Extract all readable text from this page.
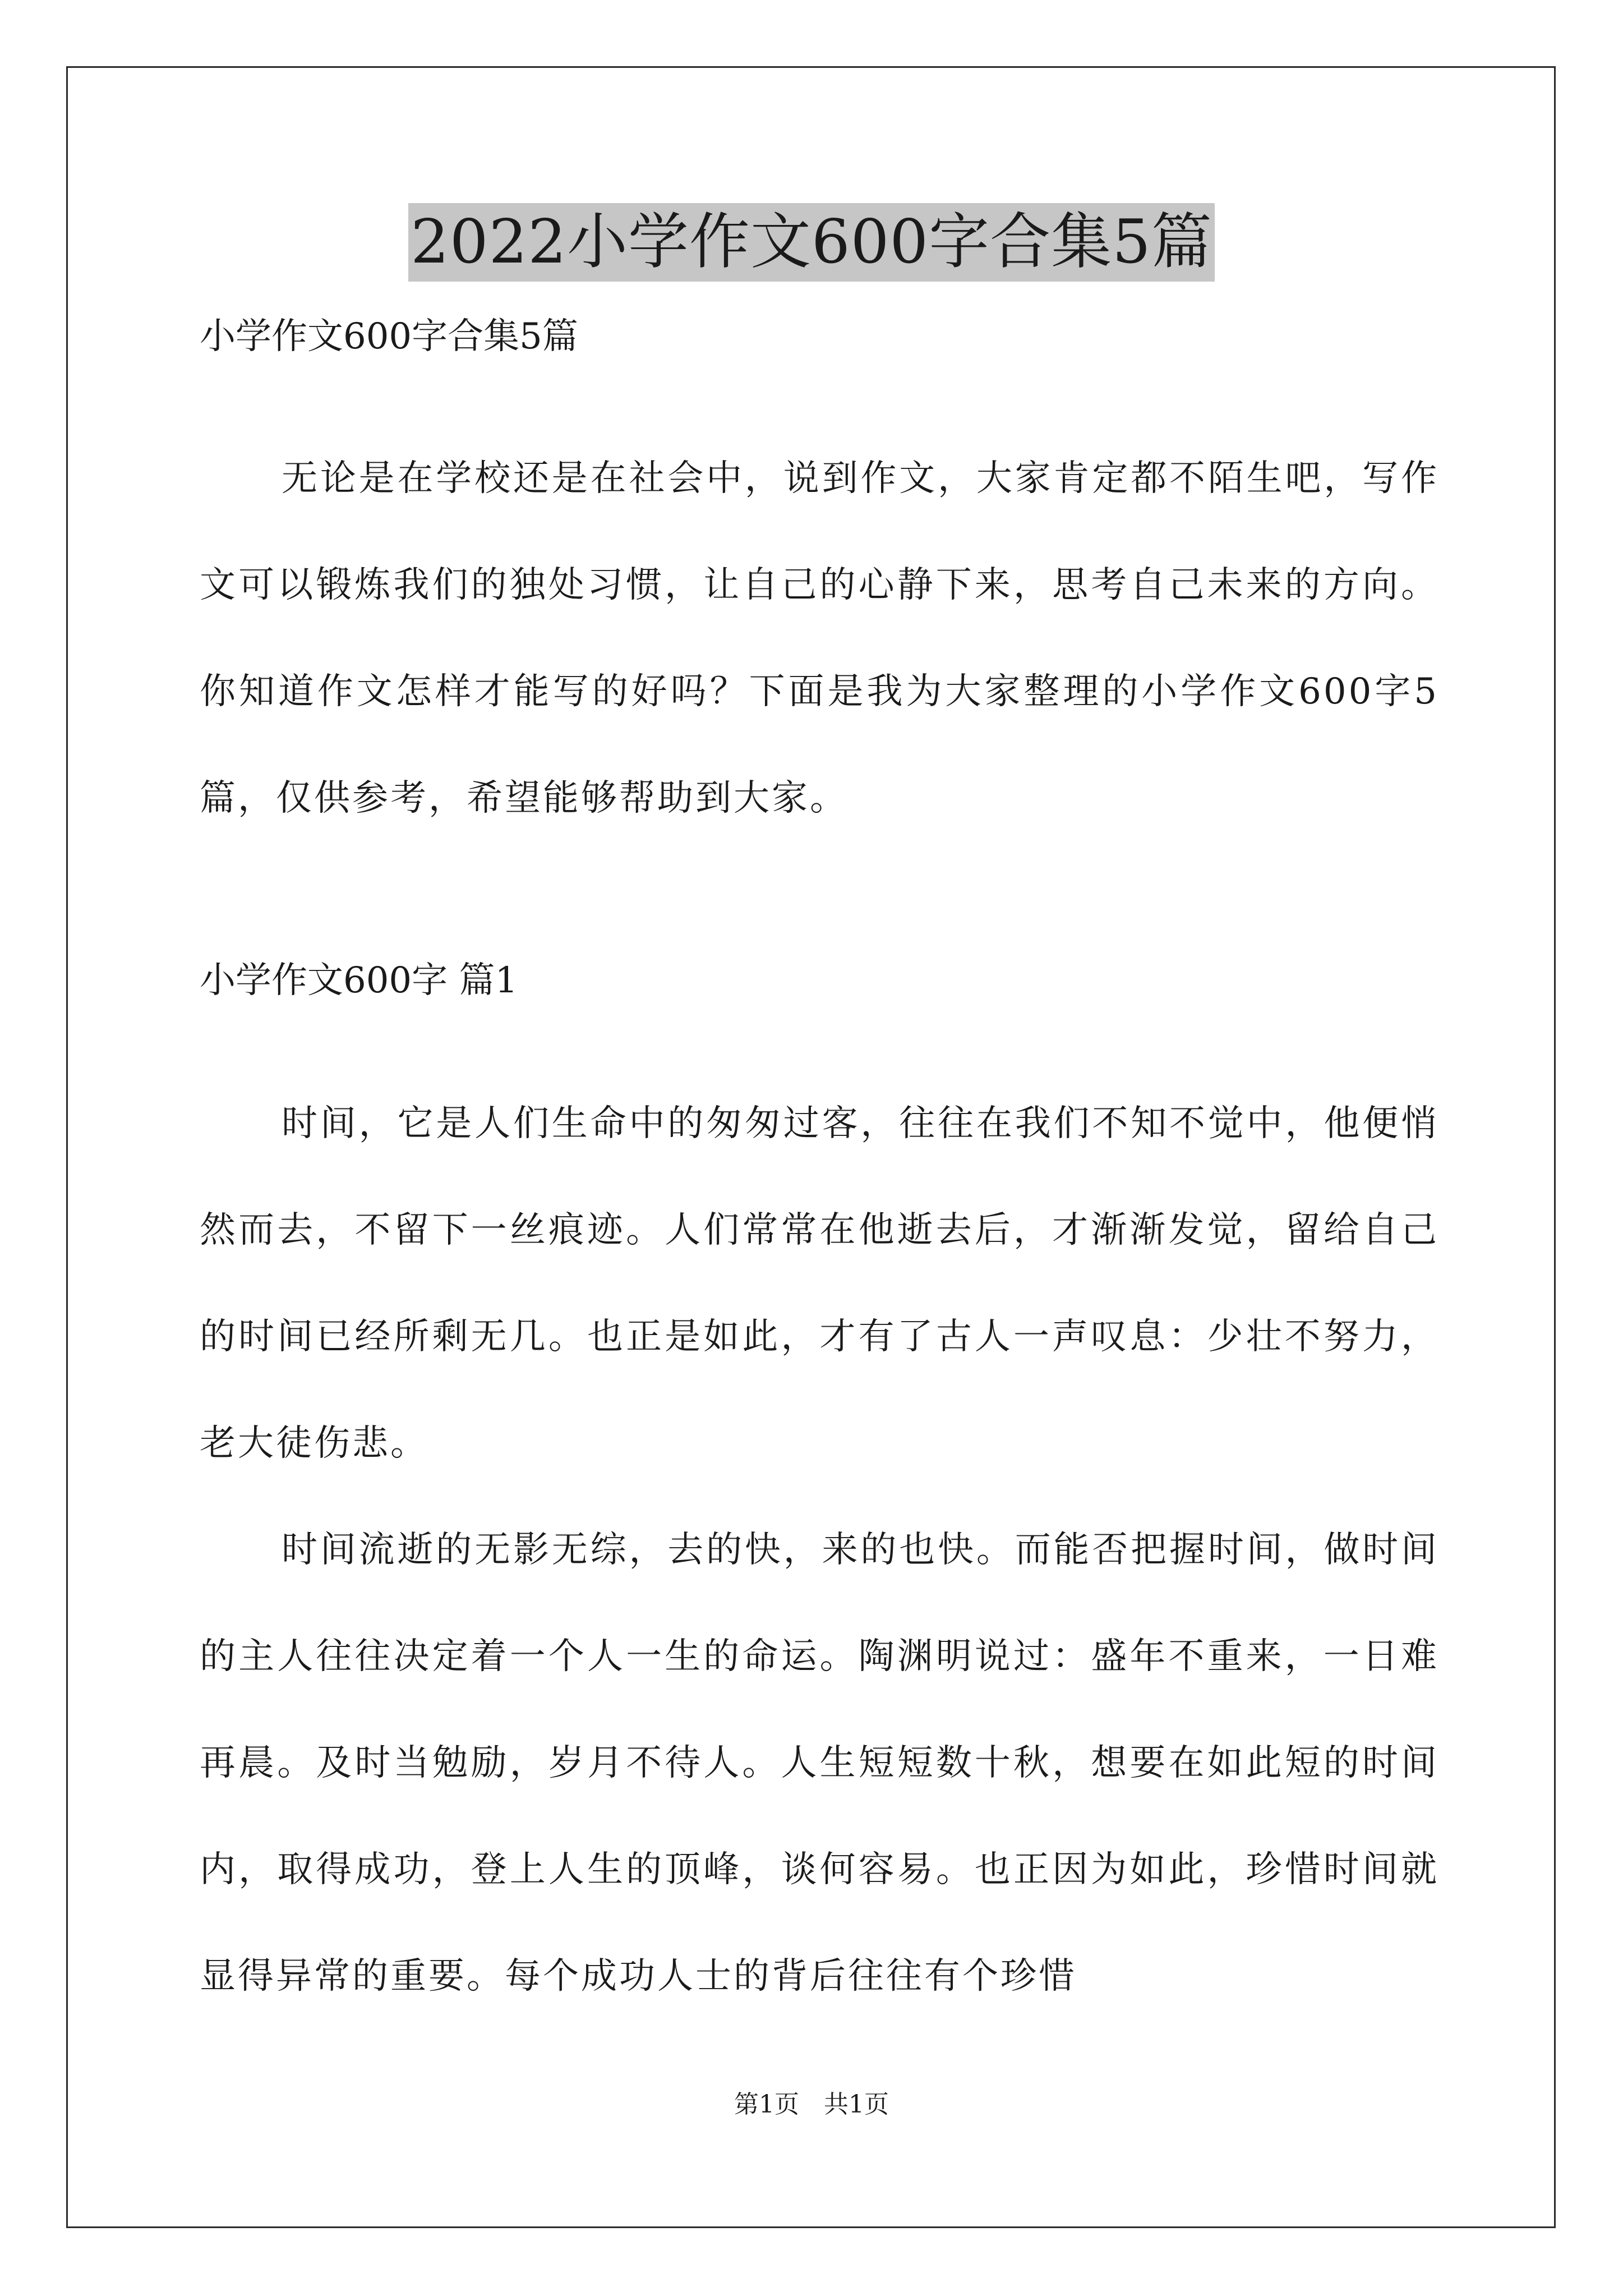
2022小学作文600字合集5篇

小学作文600字合集5篇

无论是在学校还是在社会中，说到作文，大家肯定都不陌生吧，写作文可以锻炼我们的独处习惯，让自己的心静下来，思考自己未来的方向。你知道作文怎样才能写的好吗？下面是我为大家整理的小学作文600字5篇，仅供参考，希望能够帮助到大家。

小学作文600字 篇1

时间，它是人们生命中的匆匆过客，往往在我们不知不觉中，他便悄然而去，不留下一丝痕迹。人们常常在他逝去后，才渐渐发觉，留给自己的时间已经所剩无几。也正是如此，才有了古人一声叹息：少壮不努力，老大徒伤悲。

时间流逝的无影无综，去的快，来的也快。而能否把握时间，做时间的主人往往决定着一个人一生的命运。陶渊明说过：盛年不重来，一日难再晨。及时当勉励，岁月不待人。人生短短数十秋，想要在如此短的时间内，取得成功，登上人生的顶峰，谈何容易。也正因为如此，珍惜时间就显得异常的重要。每个成功人士的背后往往有个珍惜

第1页　共1页
